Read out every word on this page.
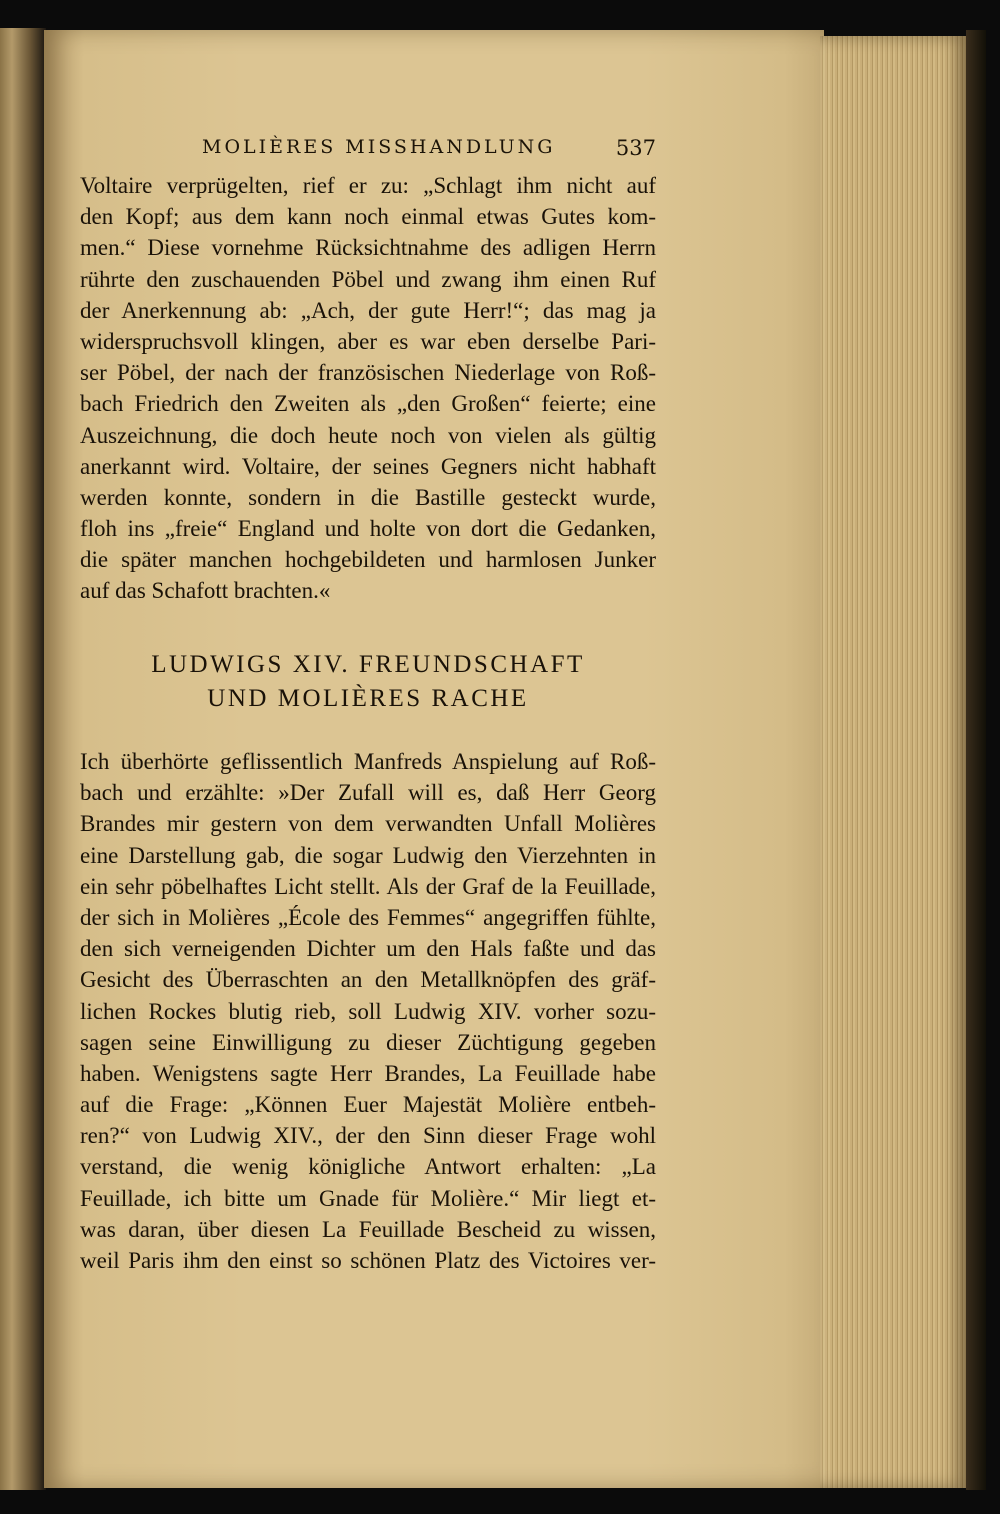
MOLIÈRES MISSHANDLUNG	537
Voltaire verprügelten, rief er zu: „Schlagt ihm nicht auf
den Kopf; aus dem kann noch einmal etwas Gutes kom-
men.“ Diese vornehme Rücksichtnahme des adligen Herrn
rührte den zuschauenden Pöbel und zwang ihm einen Ruf
der Anerkennung ab: „Ach, der gute Herr!“; das mag ja
widerspruchsvoll klingen, aber es war eben derselbe Pari-
ser Pöbel, der nach der französischen Niederlage von Roß-
bach Friedrich den Zweiten als „den Großen“ feierte; eine
Auszeichnung, die doch heute noch von vielen als gültig
anerkannt wird. Voltaire, der seines Gegners nicht habhaft
werden konnte, sondern in die Bastille gesteckt wurde,
floh ins „freie“ England und holte von dort die Gedanken,
die später manchen hochgebildeten und harmlosen Junker
auf das Schafott brachten.«
LUDWIGS XIV. FREUNDSCHAFT
UND MOLIÈRES RACHE
Ich überhörte geflissentlich Manfreds Anspielung auf Roß-
bach und erzählte: »Der Zufall will es, daß Herr Georg
Brandes mir gestern von dem verwandten Unfall Molières
eine Darstellung gab, die sogar Ludwig den Vierzehnten in
ein sehr pöbelhaftes Licht stellt. Als der Graf de la Feuillade,
der sich in Molières „École des Femmes“ angegriffen fühlte,
den sich verneigenden Dichter um den Hals faßte und das
Gesicht des Überraschten an den Metallknöpfen des gräf-
lichen Rockes blutig rieb, soll Ludwig XIV. vorher sozu-
sagen seine Einwilligung zu dieser Züchtigung gegeben
haben. Wenigstens sagte Herr Brandes, La Feuillade habe
auf die Frage: „Können Euer Majestät Molière entbeh-
ren?“ von Ludwig XIV., der den Sinn dieser Frage wohl
verstand, die wenig königliche Antwort erhalten: „La
Feuillade, ich bitte um Gnade für Molière.“ Mir liegt et-
was daran, über diesen La Feuillade Bescheid zu wissen,
weil Paris ihm den einst so schönen Platz des Victoires ver-
